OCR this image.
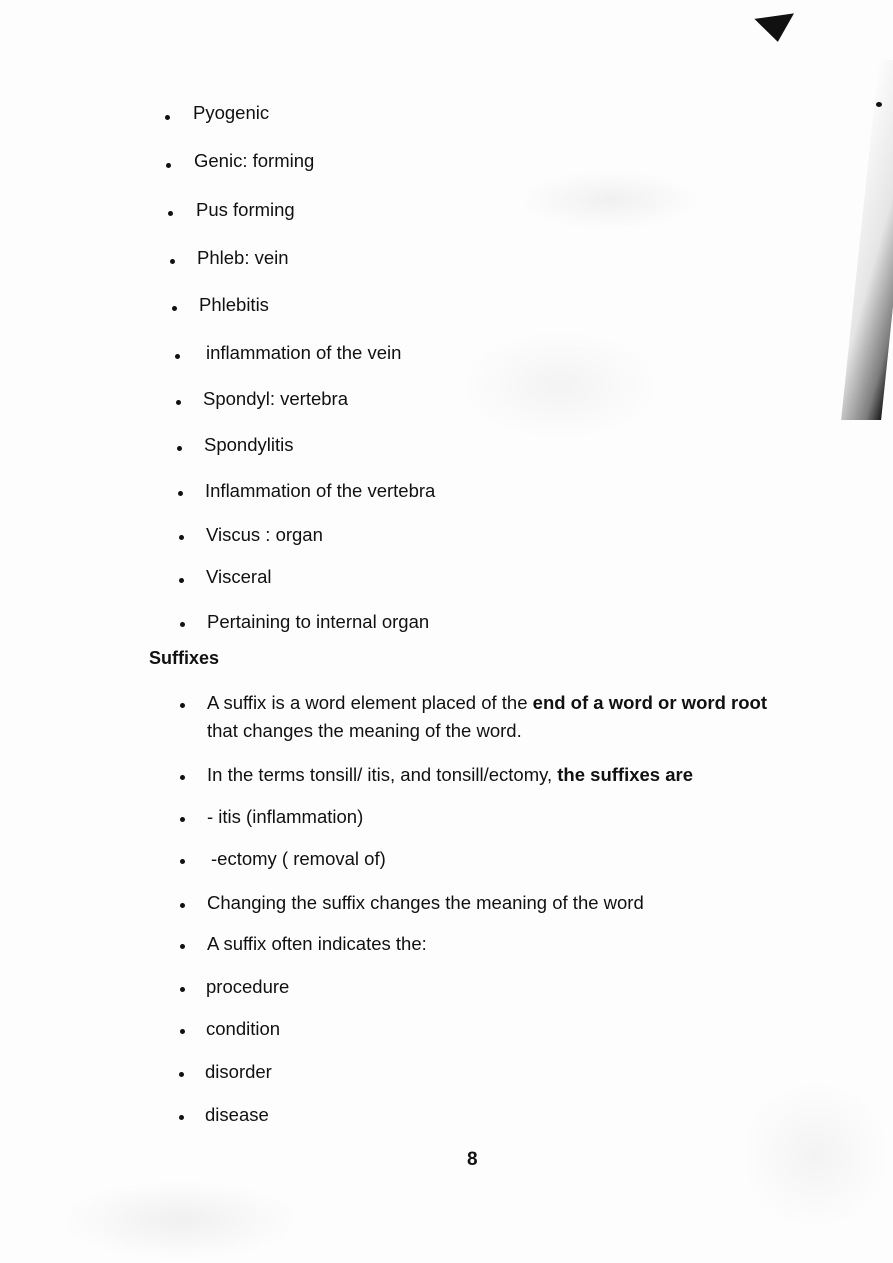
Pyogenic
Genic: forming
Pus forming
Phleb: vein
Phlebitis
inflammation of the vein
Spondyl: vertebra
Spondylitis
Inflammation of the vertebra
Viscus : organ
Visceral
Pertaining to internal organ
Suffixes
A suffix is a word element placed of the end of a word or word root
that changes the meaning of the word.
In the terms tonsill/ itis, and tonsill/ectomy, the suffixes are
- itis (inflammation)
-ectomy ( removal of)
Changing the suffix changes the meaning of the word
A suffix often indicates the:
procedure
condition
disorder
disease
8
